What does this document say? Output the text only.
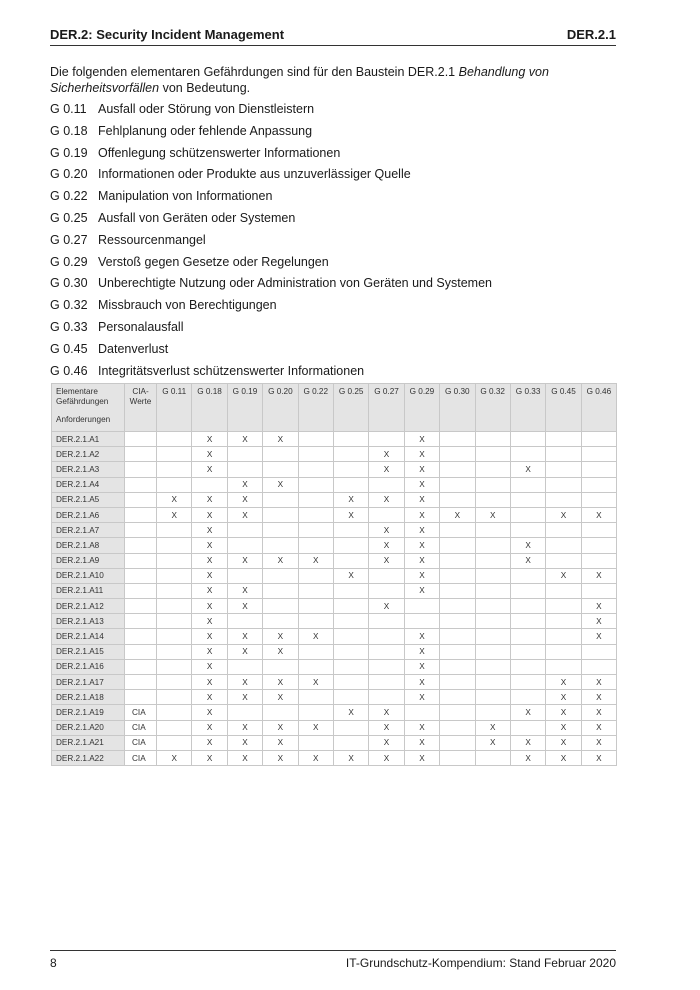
DER.2: Security Incident Management	DER.2.1

Die folgenden elementaren Gefährdungen sind für den Baustein DER.2.1 Behandlung von Sicherheitsvorfällen von Bedeutung.

G 0.11 Ausfall oder Störung von Dienstleistern
G 0.18 Fehlplanung oder fehlende Anpassung
G 0.19 Offenlegung schützenswerter Informationen
G 0.20 Informationen oder Produkte aus unzuverlässiger Quelle
G 0.22 Manipulation von Informationen
G 0.25 Ausfall von Geräten oder Systemen
G 0.27 Ressourcenmangel
G 0.29 Verstoß gegen Gesetze oder Regelungen
G 0.30 Unberechtigte Nutzung oder Administration von Geräten und Systemen
G 0.32 Missbrauch von Berechtigungen
G 0.33 Personalausfall
G 0.45 Datenverlust
G 0.46 Integritätsverlust schützenswerter Informationen
Elementare
Gefährdungen
Anforderungen	CIA-
Werte	G 0.11	G 0.18	G 0.19	G 0.20	G 0.22	G 0.25	G 0.27	G 0.29	G 0.30	G 0.32	G 0.33	G 0.45	G 0.46
DER.2.1.A1			X	X	X				X					
DER.2.1.A2			X					X	X					
DER.2.1.A3			X					X	X			X		
DER.2.1.A4				X	X				X					
DER.2.1.A5		X	X	X			X	X	X					
DER.2.1.A6		X	X	X			X		X	X	X		X	X
DER.2.1.A7			X					X	X					
DER.2.1.A8			X					X	X			X		
DER.2.1.A9			X	X	X	X		X	X			X		
DER.2.1.A10			X				X		X				X	X
DER.2.1.A11			X	X					X					
DER.2.1.A12			X	X				X						X
DER.2.1.A13			X											X
DER.2.1.A14			X	X	X	X			X					X
DER.2.1.A15			X	X	X				X					
DER.2.1.A16			X						X					
DER.2.1.A17			X	X	X	X			X				X	X
DER.2.1.A18			X	X	X				X				X	X
DER.2.1.A19	CIA		X				X	X				X	X	X
DER.2.1.A20	CIA		X	X	X	X		X	X		X		X	X
DER.2.1.A21	CIA		X	X	X			X	X		X	X	X	X
DER.2.1.A22	CIA	X	X	X	X	X	X	X	X			X	X	X
8	IT-Grundschutz-Kompendium: Stand Februar 2020
